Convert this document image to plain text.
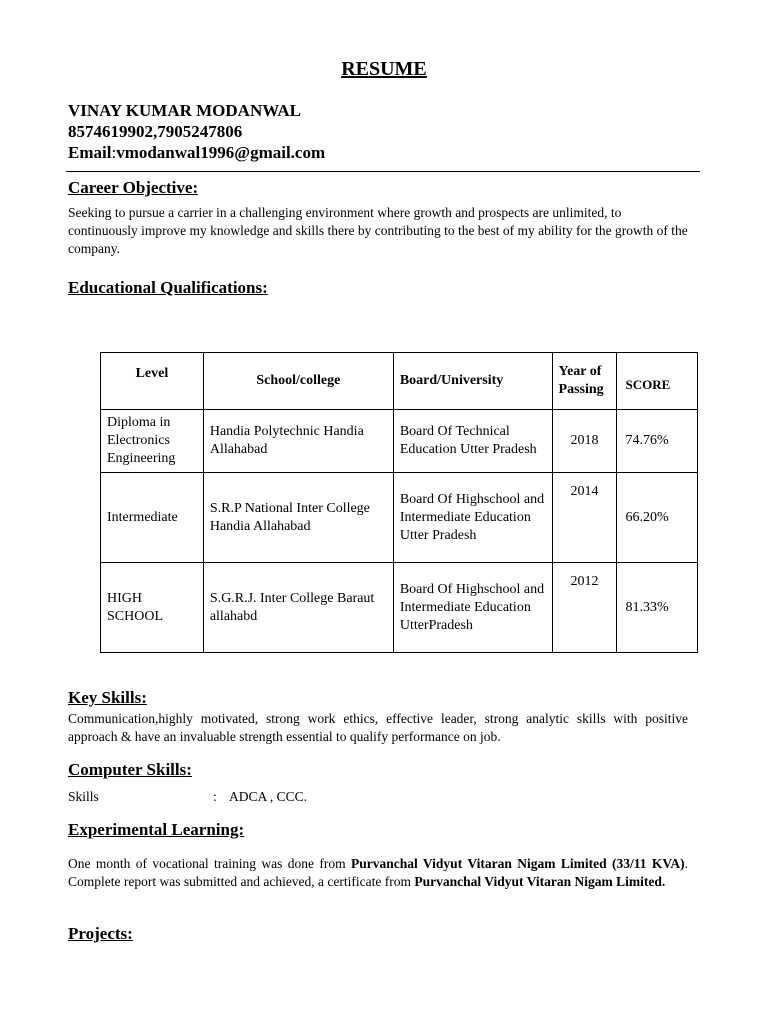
RESUME
VINAY KUMAR MODANWAL
8574619902,7905247806
Email:vmodanwal1996@gmail.com
Career Objective:
Seeking to pursue a carrier in a challenging environment where growth and prospects are unlimited, to continuously improve my knowledge and skills there by contributing to the best of my ability for the growth of the company.
Educational Qualifications:
Level	School/college	Board/University	Year of Passing	SCORE
Diploma in Electronics Engineering	Handia Polytechnic Handia Allahabad	Board Of Technical Education Utter Pradesh	2018	74.76%
Intermediate	S.R.P National Inter College Handia Allahabad	Board Of Highschool and Intermediate Education Utter Pradesh	2014	66.20%
HIGH SCHOOL	S.G.R.J. Inter College Baraut allahabd	Board Of Highschool and Intermediate Education UtterPradesh	2012	81.33%
Key Skills:
Communication,highly motivated, strong work ethics, effective leader, strong analytic skills with positive approach & have an invaluable strength essential to qualify performance on job.
Computer Skills:
Skills	: ADCA , CCC.
Experimental Learning:
One month of vocational training was done from Purvanchal Vidyut Vitaran Nigam Limited (33/11 KVA). Complete report was submitted and achieved, a certificate from Purvanchal Vidyut Vitaran Nigam Limited.
Projects:
